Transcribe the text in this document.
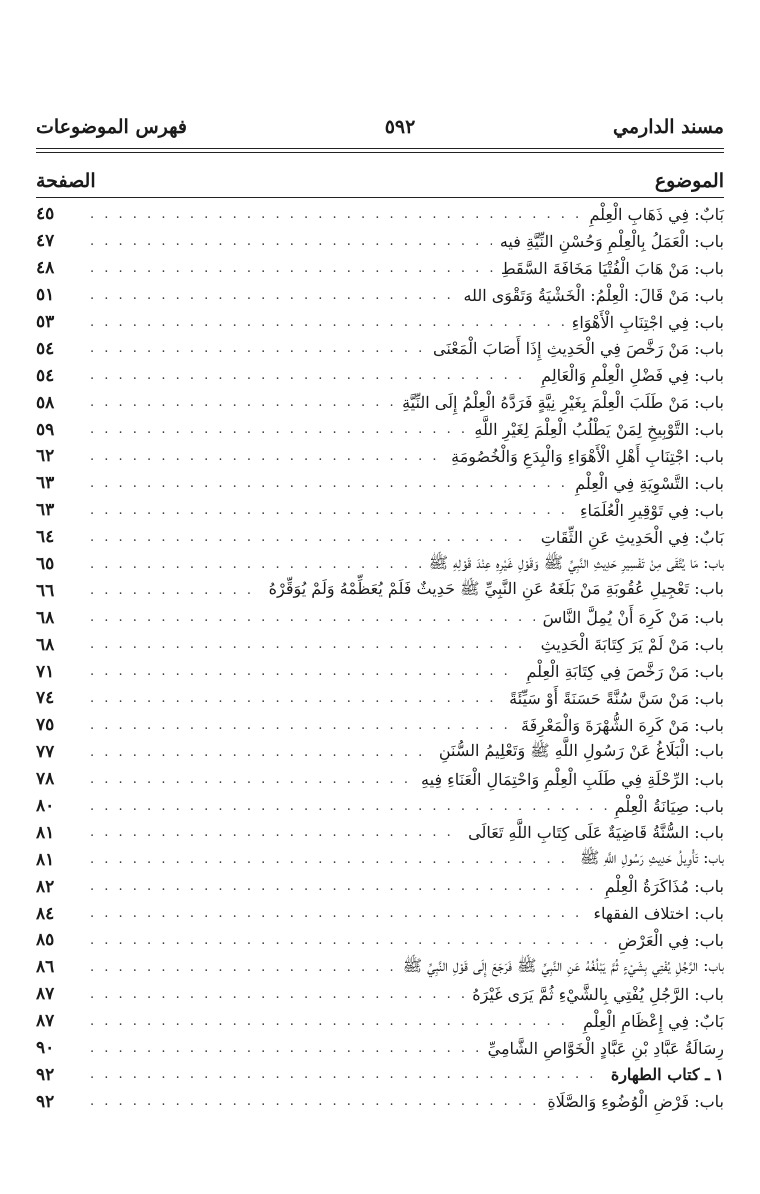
مسند الدارمي
٥٩٢
فهرس الموضوعات
الموضوع
الصفحة
بَابٌ: فِي ذَهَابِ الْعِلْمِ
. . .
٤٥
باب: الْعَمَلُ بِالْعِلْمِ وَحُسْنِ النِّيَّةِ فيه
. . .
٤٧
باب: مَنْ هَابَ الْفُتْيَا مَخَافَةَ السَّقَطِ
. . .
٤٨
باب: مَنْ قَالَ: الْعِلْمُ: الْخَشْيَةُ وَتَقْوَى الله
. . .
٥١
باب: فِي اجْتِنَابِ الْأَهْوَاءِ
. . .
٥٣
باب: مَنْ رَخَّصَ فِي الْحَدِيثِ إِذَا أَصَابَ الْمَعْنَى
. . .
٥٤
باب: فِي فَضْلِ الْعِلْمِ وَالْعَالِمِ
. . .
٥٤
باب: مَنْ طَلَبَ الْعِلْمَ بِغَيْرِ نِيَّةٍ فَرَدَّهُ الْعِلْمُ إِلَى النِّيَّةِ
. . .
٥٨
باب: التَّوْبِيخِ لِمَنْ يَطْلُبُ الْعِلْمَ لِغَيْرِ اللَّهِ
. . .
٥٩
باب: اجْتِنَابِ أَهْلِ الْأَهْوَاءِ وَالْبِدَعِ وَالْخُصُومَةِ
. . .
٦٢
باب: التَّسْوِيَةِ فِي الْعِلْمِ
. . .
٦٣
باب: فِي تَوْقِيرِ الْعُلَمَاءِ
. . .
٦٣
بَابٌ: فِي الْحَدِيثِ عَنِ الثِّقَاتِ
. . .
٦٤
باب: مَا يُتَّقَى مِنْ تَفْسِيرِ حَدِيثِ النَّبِيِّ ﷺ وَقَوْلِ غَيْرِهِ عِنْدَ قَوْلِهِ ﷺ
. . .
٦٥
باب: تَعْجِيلِ عُقُوبَةِ مَنْ بَلَغَهُ عَنِ النَّبِيِّ ﷺ حَدِيثٌ فَلَمْ يُعَظِّمْهُ وَلَمْ يُوَقِّرْهُ
. . .
٦٦
باب: مَنْ كَرِهَ أَنْ يُمِلَّ النَّاسَ
. . .
٦٨
باب: مَنْ لَمْ يَرَ كِتَابَةَ الْحَدِيثِ
. . .
٦٨
باب: مَنْ رَخَّصَ فِي كِتَابَةِ الْعِلْمِ
. . .
٧١
باب: مَنْ سَنَّ سُنَّةً حَسَنَةً أَوْ سَيِّئَةً
. . .
٧٤
باب: مَنْ كَرِهَ الشُّهْرَةَ وَالْمَعْرِفَةَ
. . .
٧٥
باب: الْبَلَاغُ عَنْ رَسُولِ اللَّهِ ﷺ وَتَعْلِيمُ السُّنَنِ
. . .
٧٧
باب: الرِّحْلَةِ فِي طَلَبِ الْعِلْمِ وَاحْتِمَالِ الْعَنَاءِ فِيهِ
. . .
٧٨
باب: صِيَانَةُ الْعِلْمِ
. . .
٨٠
باب: السُّنَّةُ قَاضِيَةٌ عَلَى كِتَابِ اللَّهِ تَعَالَى
. . .
٨١
باب: تَأْوِيلُ حَدِيثِ رَسُولِ اللَّهِ ﷺ
. . .
٨١
باب: مُذَاكَرَةُ الْعِلْمِ
. . .
٨٢
باب: اختلاف الفقهاء
. . .
٨٤
باب: فِي الْعَرْضِ
. . .
٨٥
باب: الرَّجُلِ يُفْتِي بِشَيْءٍ ثُمَّ يَبْلُغُهُ عَنِ النَّبِيِّ ﷺ فَرَجَعَ إِلَى قَوْلِ النَّبِيِّ ﷺ
. . .
٨٦
باب: الرَّجُلِ يُفْتِي بِالشَّيْءِ ثُمَّ يَرَى غَيْرَهُ
. . .
٨٧
بَابٌ: فِي إِعْظَامِ الْعِلْمِ
. . .
٨٧
رِسَالَةُ عَبَّادِ بْنِ عَبَّادٍ الْخَوَّاصِ الشَّامِيِّ
. . .
٩٠
١ ـ كتاب الطهارة
. . .
٩٢
باب: فَرْضِ الْوُضُوءِ وَالصَّلَاةِ
. . .
٩٢
